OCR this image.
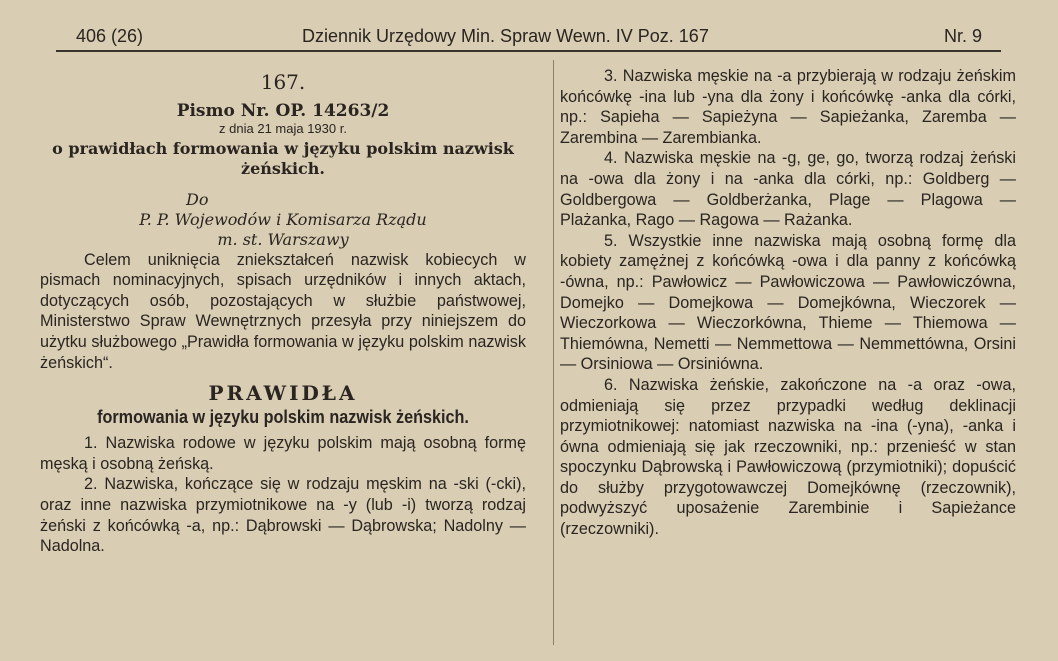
406 (26)	Dziennik Urzędowy Min. Spraw Wewn. IV Poz. 167	Nr. 9
167.
Pismo Nr. OP. 14263/2
z dnia 21 maja 1930 r.
o prawidłach formowania w języku polskim nazwisk żeńskich.
Do
P. P. Wojewodów i Komisarza Rządu
m. st. Warszawy

Celem uniknięcia zniekształceń nazwisk kobiecych w pismach nominacyjnych, spisach urzędników i innych aktach, dotyczących osób, pozostających w służbie państwowej, Ministerstwo Spraw Wewnętrznych przesyła przy niniejszem do użytku służbowego „Prawidła formowania w języku polskim nazwisk żeńskich“.

PRAWIDŁA
formowania w języku polskim nazwisk żeńskich.

1. Nazwiska rodowe w języku polskim mają osobną formę męską i osobną żeńską.

2. Nazwiska, kończące się w rodzaju męskim na -ski (-cki), oraz inne nazwiska przymiotnikowe na -y (lub -i) tworzą rodzaj żeński z końcówką -a, np.: Dąbrowski — Dąbrowska; Nadolny — Nadolna.

3. Nazwiska męskie na -a przybierają w rodzaju żeńskim końcówkę -ina lub -yna dla żony i końcówkę -anka dla córki, np.: Sapieha — Sapieżyna — Sapieżanka, Zaremba — Zarembina — Zarembianka.

4. Nazwiska męskie na -g, ge, go, tworzą rodzaj żeński na -owa dla żony i na -anka dla córki, np.: Goldberg — Goldbergowa — Goldberżanka, Plage — Plagowa — Plażanka, Rago — Ragowa — Rażanka.

5. Wszystkie inne nazwiska mają osobną formę dla kobiety zamężnej z końcówką -owa i dla panny z końcówką -ówna, np.: Pawłowicz — Pawłowiczowa — Pawłowiczówna, Domejko — Domejkowa — Domejkówna, Wieczorek — Wieczorkowa — Wieczorkówna, Thieme — Thiemowa — Thiemówna, Nemetti — Nemmettowa — Nemmettówna, Orsini — Orsiniowa — Orsiniówna.

6. Nazwiska żeńskie, zakończone na -a oraz -owa, odmieniają się przez przypadki według deklinacji przymiotnikowej: natomiast nazwiska na -ina (-yna), -anka i ówna odmieniają się jak rzeczowniki, np.: przenieść w stan spoczynku Dąbrowską i Pawłowiczową (przymiotniki); dopuścić do służby przygotowawczej Domejkównę (rzeczownik), podwyższyć uposażenie Zarembinie i Sapieżance (rzeczowniki).
